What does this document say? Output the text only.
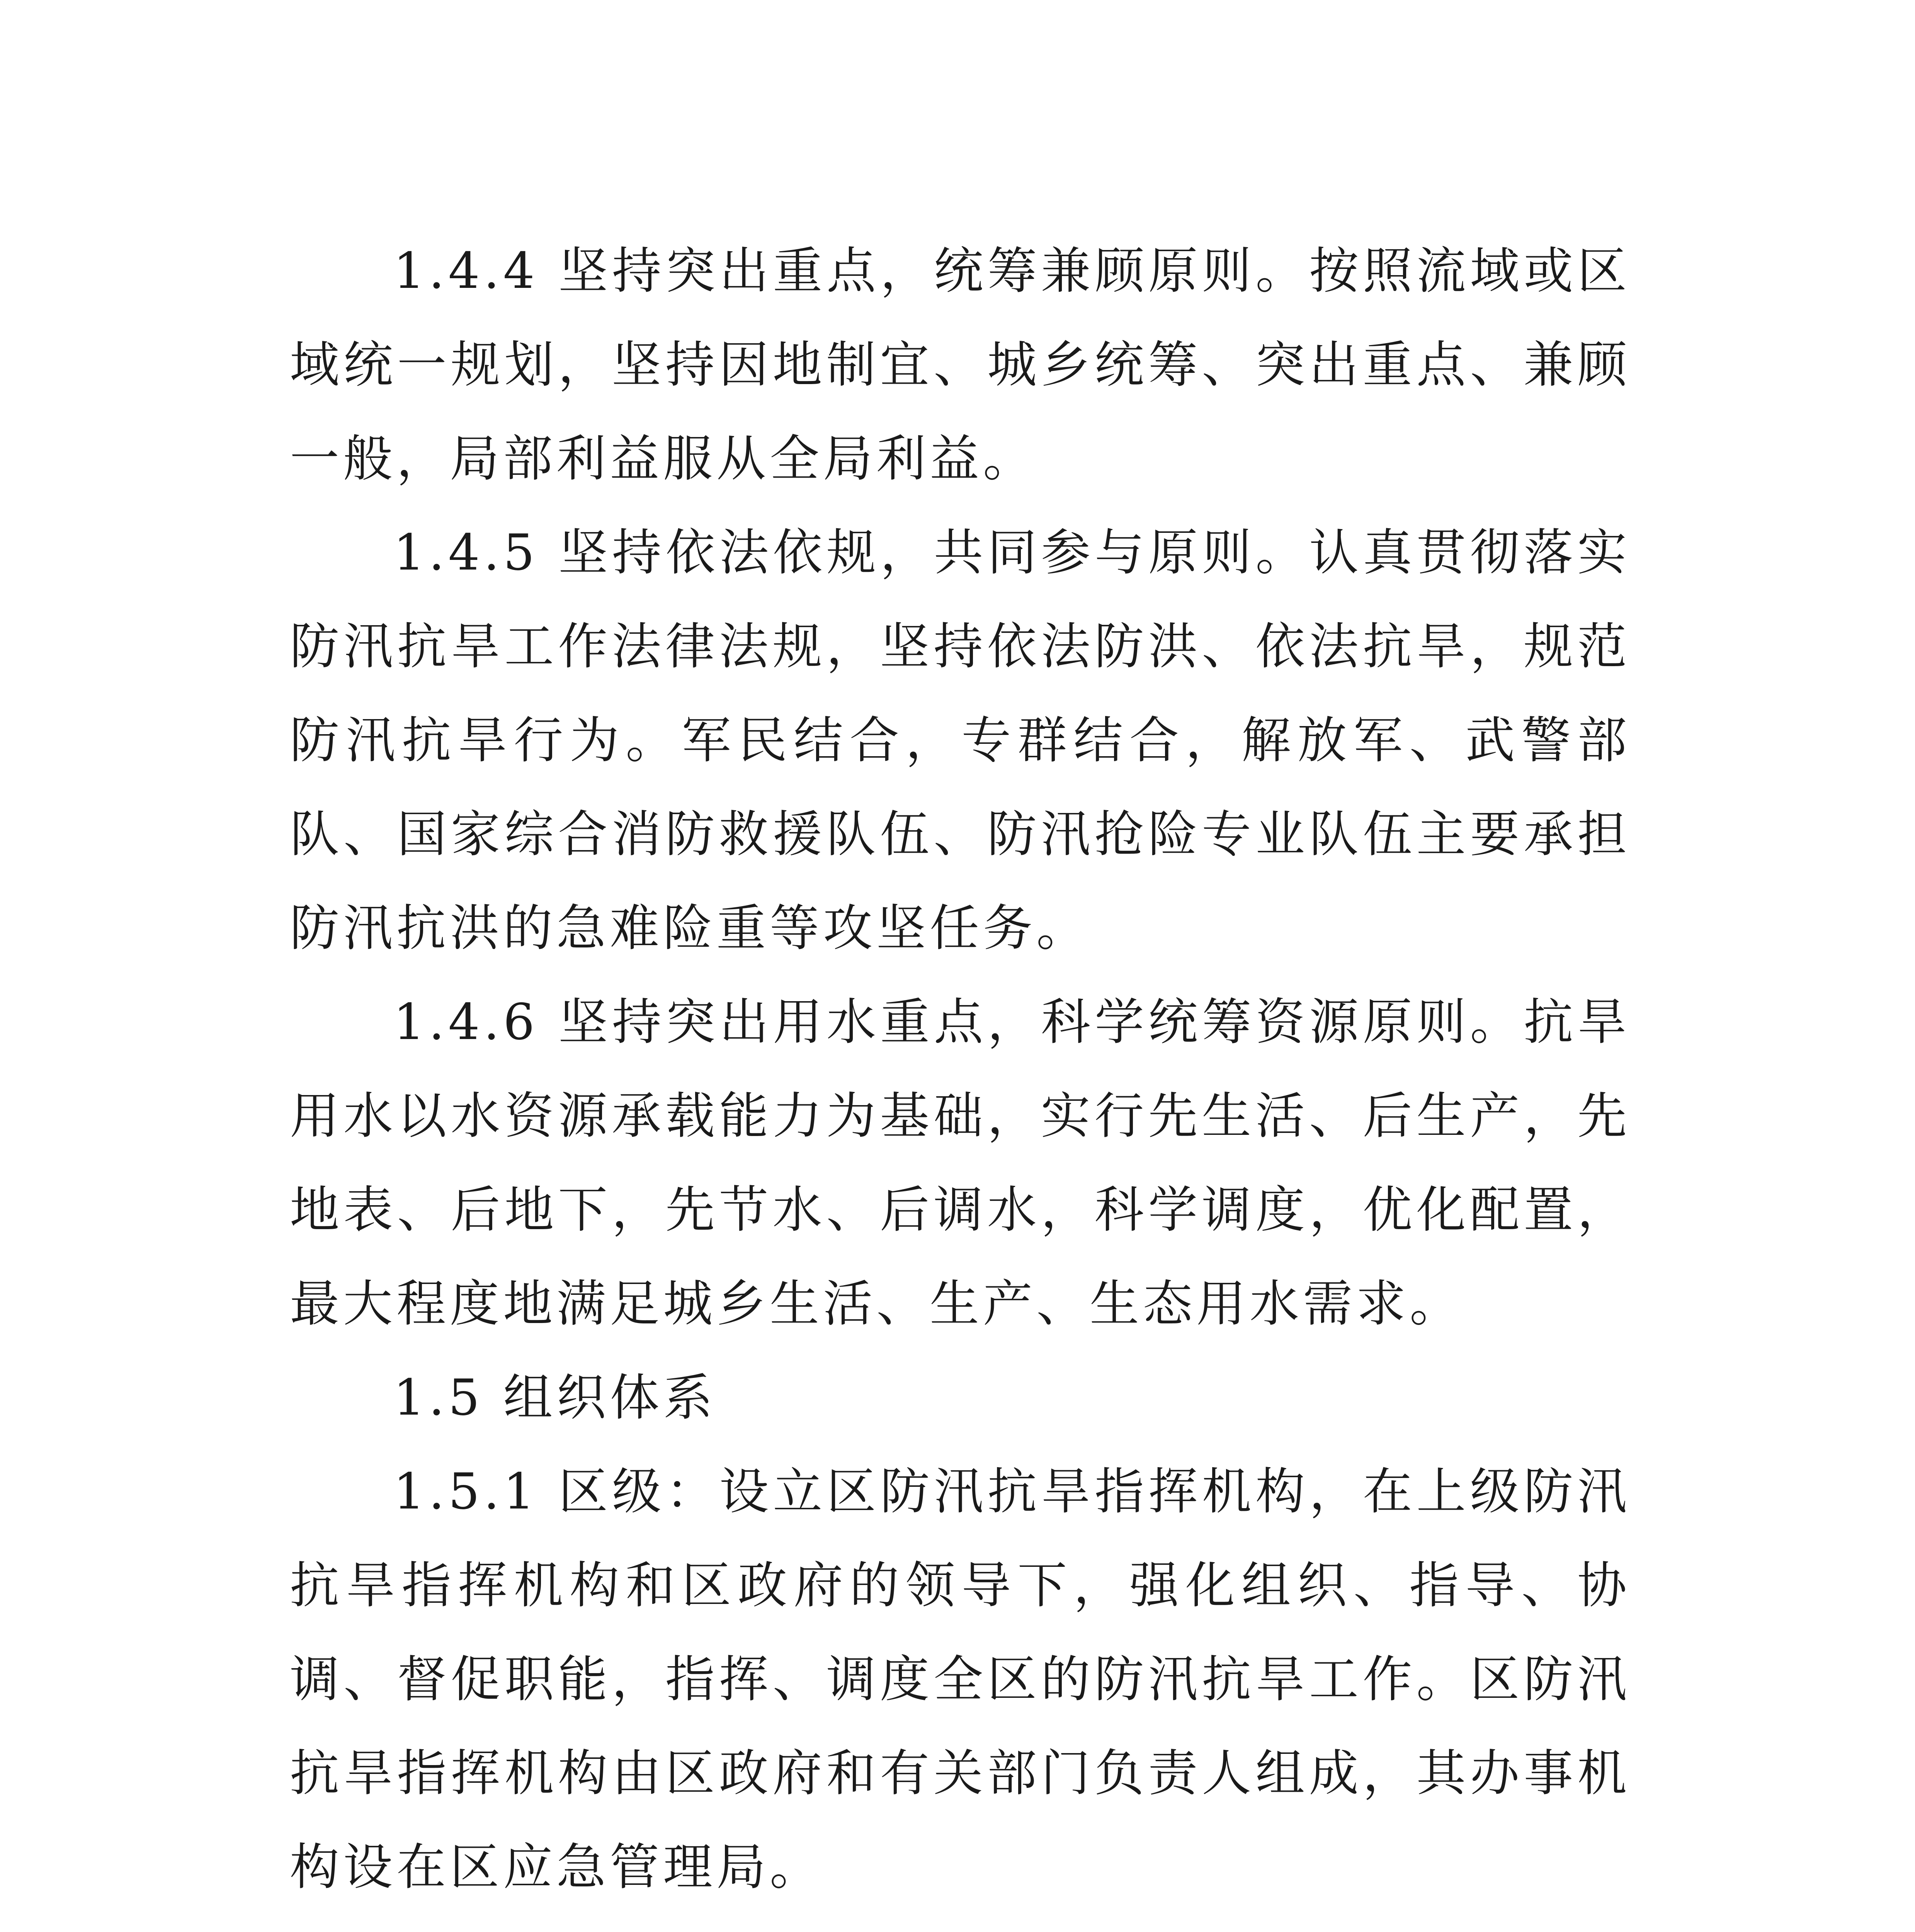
1.4.4 坚持突出重点，统筹兼顾原则。按照流域或区域统一规划，坚持因地制宜、城乡统筹、突出重点、兼顾一般，局部利益服从全局利益。

1.4.5 坚持依法依规，共同参与原则。认真贯彻落实防汛抗旱工作法律法规，坚持依法防洪、依法抗旱，规范防汛抗旱行为。军民结合，专群结合，解放军、武警部队、国家综合消防救援队伍、防汛抢险专业队伍主要承担防汛抗洪的急难险重等攻坚任务。

1.4.6 坚持突出用水重点，科学统筹资源原则。抗旱用水以水资源承载能力为基础，实行先生活、后生产，先地表、后地下，先节水、后调水，科学调度，优化配置，最大程度地满足城乡生活、生产、生态用水需求。

1.5 组织体系

1.5.1 区级：设立区防汛抗旱指挥机构，在上级防汛抗旱指挥机构和区政府的领导下，强化组织、指导、协调、督促职能，指挥、调度全区的防汛抗旱工作。区防汛抗旱指挥机构由区政府和有关部门负责人组成，其办事机构设在区应急管理局。
